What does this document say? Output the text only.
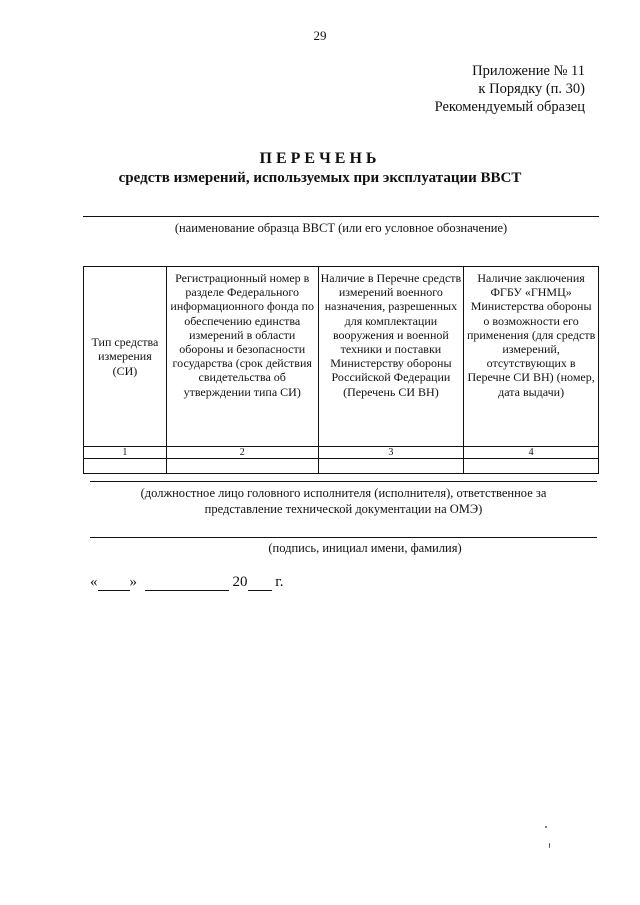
29
Приложение № 11
к Порядку (п. 30)
Рекомендуемый образец
ПЕРЕЧЕНЬ
средств измерений, используемых при эксплуатации ВВСТ
(наименование образца ВВСТ (или его условное обозначение)
Тип средства измерения (СИ)	Регистрационный номер в разделе Федерального информационного фонда по обеспечению единства измерений в области обороны и безопасности государства (срок действия свидетельства об утверждении типа СИ)	Наличие в Перечне средств измерений военного назначения, разрешенных для комплектации вооружения и военной техники и поставки Министерству обороны Российской Федерации (Перечень СИ ВН)	Наличие заключения ФГБУ «ГНМЦ» Министерства обороны о возможности его применения (для средств измерений, отсутствующих в Перечне СИ ВН) (номер, дата выдачи)
1	2	3	4

(должностное лицо головного исполнителя (исполнителя), ответственное за
представление технической документации на ОМЭ)
(подпись, инициал имени, фамилия)
« »	20 г.
